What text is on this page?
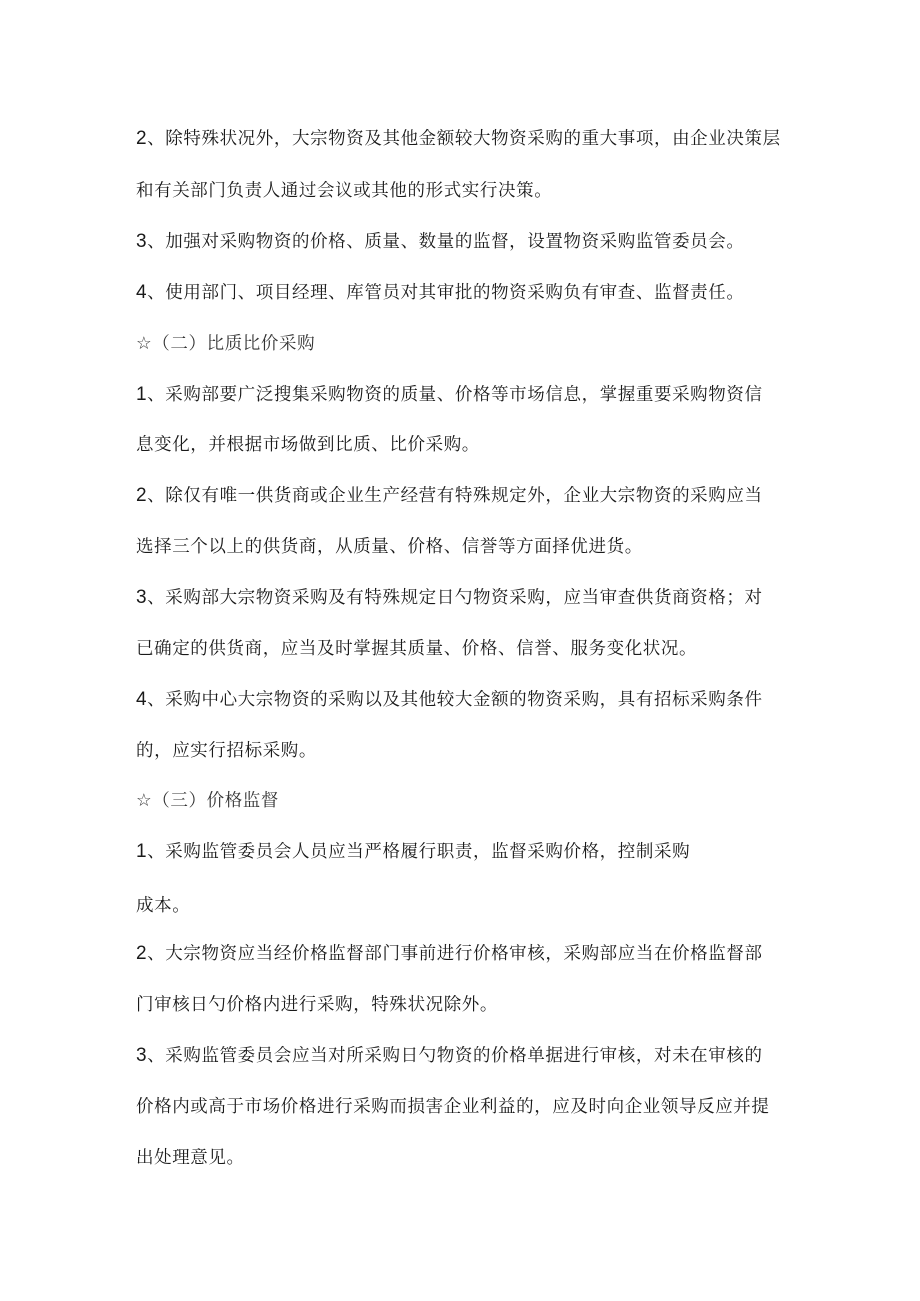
2、除特殊状况外，大宗物资及其他金额较大物资采购的重大事项，由企业决策层
和有关部门负责人通过会议或其他的形式实行决策。
3、加强对采购物资的价格、质量、数量的监督，设置物资采购监管委员会。
4、使用部门、项目经理、库管员对其审批的物资采购负有审查、监督责任。
☆（二）比质比价采购
1、采购部要广泛搜集采购物资的质量、价格等市场信息，掌握重要采购物资信
息变化，并根据市场做到比质、比价采购。
2、除仅有唯一供货商或企业生产经营有特殊规定外，企业大宗物资的采购应当
选择三个以上的供货商，从质量、价格、信誉等方面择优进货。
3、采购部大宗物资采购及有特殊规定日勺物资采购，应当审查供货商资格；对
已确定的供货商，应当及时掌握其质量、价格、信誉、服务变化状况。
4、采购中心大宗物资的采购以及其他较大金额的物资采购，具有招标采购条件
的，应实行招标采购。
☆（三）价格监督
1、采购监管委员会人员应当严格履行职责，监督采购价格，控制采购
成本。
2、大宗物资应当经价格监督部门事前进行价格审核，采购部应当在价格监督部
门审核日勺价格内进行采购，特殊状况除外。
3、采购监管委员会应当对所采购日勺物资的价格单据进行审核，对未在审核的
价格内或高于市场价格进行采购而损害企业利益的，应及时向企业领导反应并提
出处理意见。
